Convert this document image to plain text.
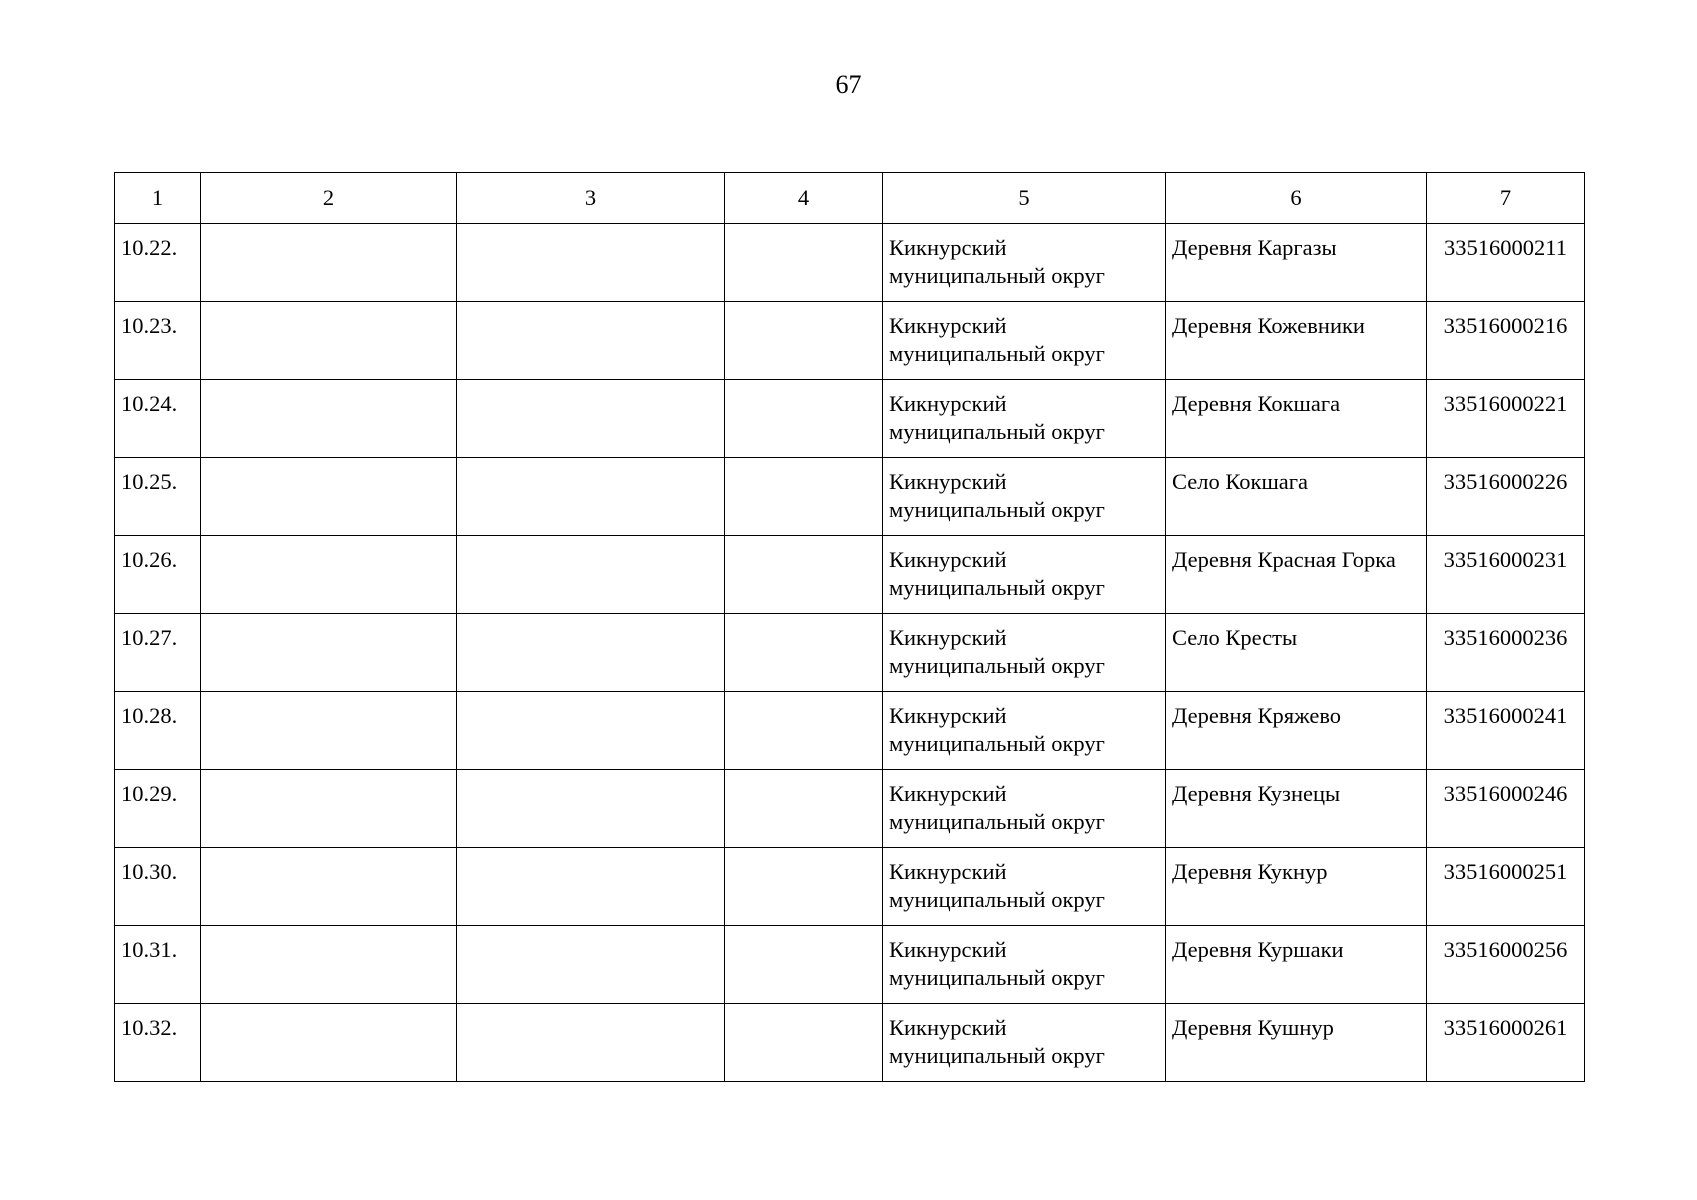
67
1	2	3	4	5	6	7
10.22.				Кикнурский муниципальный округ	Деревня Каргазы	33516000211
10.23.				Кикнурский муниципальный округ	Деревня Кожевники	33516000216
10.24.				Кикнурский муниципальный округ	Деревня Кокшага	33516000221
10.25.				Кикнурский муниципальный округ	Село Кокшага	33516000226
10.26.				Кикнурский муниципальный округ	Деревня Красная Горка	33516000231
10.27.				Кикнурский муниципальный округ	Село Кресты	33516000236
10.28.				Кикнурский муниципальный округ	Деревня Кряжево	33516000241
10.29.				Кикнурский муниципальный округ	Деревня Кузнецы	33516000246
10.30.				Кикнурский муниципальный округ	Деревня Кукнур	33516000251
10.31.				Кикнурский муниципальный округ	Деревня Куршаки	33516000256
10.32.				Кикнурский муниципальный округ	Деревня Кушнур	33516000261
